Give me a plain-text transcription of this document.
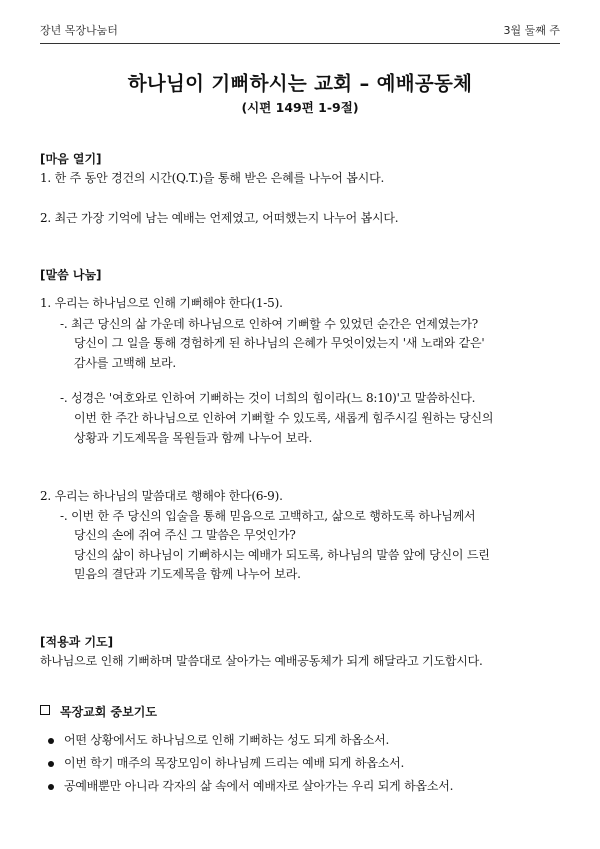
장년 목장나눔터	3월 둘째 주
하나님이 기뻐하시는 교회 – 예배공동체
(시편 149편 1-9절)
[마음 열기]
1. 한 주 동안 경건의 시간(Q.T.)을 통해 받은 은혜를 나누어 봅시다.
2. 최근 가장 기억에 남는 예배는 언제였고, 어떠했는지 나누어 봅시다.
[말씀 나눔]
1. 우리는 하나님으로 인해 기뻐해야 한다(1-5).
-. 최근 당신의 삶 가운데 하나님으로 인하여 기뻐할 수 있었던 순간은 언제였는가?
당신이 그 일을 통해 경험하게 된 하나님의 은혜가 무엇이었는지 '새 노래와 같은'
감사를 고백해 보라.
-. 성경은 '여호와로 인하여 기뻐하는 것이 너희의 힘이라(느 8:10)'고 말씀하신다.
이번 한 주간 하나님으로 인하여 기뻐할 수 있도록, 새롭게 힘주시길 원하는 당신의
상황과 기도제목을 목원들과 함께 나누어 보라.
2. 우리는 하나님의 말씀대로 행해야 한다(6-9).
-. 이번 한 주 당신의 입술을 통해 믿음으로 고백하고, 삶으로 행하도록 하나님께서
당신의 손에 쥐여 주신 그 말씀은 무엇인가?
당신의 삶이 하나님이 기뻐하시는 예배가 되도록, 하나님의 말씀 앞에 당신이 드린
믿음의 결단과 기도제목을 함께 나누어 보라.
[적용과 기도]
하나님으로 인해 기뻐하며 말씀대로 살아가는 예배공동체가 되게 해달라고 기도합시다.
목장교회 중보기도
어떤 상황에서도 하나님으로 인해 기뻐하는 성도 되게 하옵소서.
이번 학기 매주의 목장모임이 하나님께 드리는 예배 되게 하옵소서.
공예배뿐만 아니라 각자의 삶 속에서 예배자로 살아가는 우리 되게 하옵소서.
